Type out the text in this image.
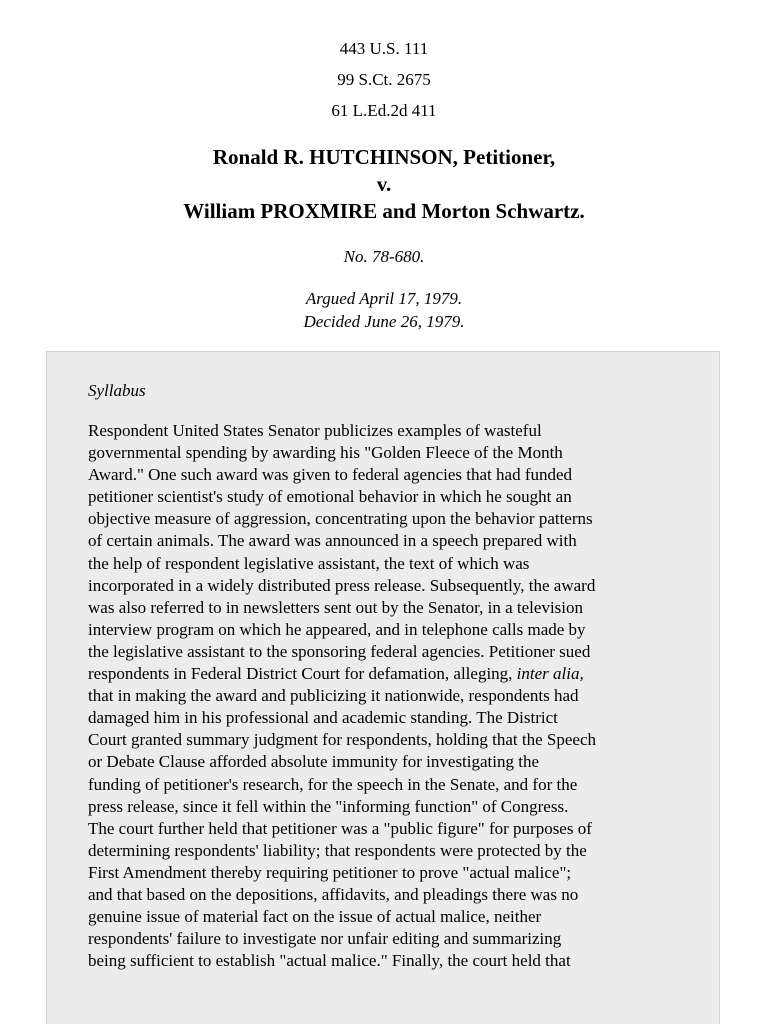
443 U.S. 111
99 S.Ct. 2675
61 L.Ed.2d 411
Ronald R. HUTCHINSON, Petitioner,
v.
William PROXMIRE and Morton Schwartz.
No. 78-680.
Argued April 17, 1979.
Decided June 26, 1979.
Syllabus
Respondent United States Senator publicizes examples of wasteful
governmental spending by awarding his "Golden Fleece of the Month
Award." One such award was given to federal agencies that had funded
petitioner scientist's study of emotional behavior in which he sought an
objective measure of aggression, concentrating upon the behavior patterns
of certain animals. The award was announced in a speech prepared with
the help of respondent legislative assistant, the text of which was
incorporated in a widely distributed press release. Subsequently, the award
was also referred to in newsletters sent out by the Senator, in a television
interview program on which he appeared, and in telephone calls made by
the legislative assistant to the sponsoring federal agencies. Petitioner sued
respondents in Federal District Court for defamation, alleging, inter alia,
that in making the award and publicizing it nationwide, respondents had
damaged him in his professional and academic standing. The District
Court granted summary judgment for respondents, holding that the Speech
or Debate Clause afforded absolute immunity for investigating the
funding of petitioner's research, for the speech in the Senate, and for the
press release, since it fell within the "informing function" of Congress.
The court further held that petitioner was a "public figure" for purposes of
determining respondents' liability; that respondents were protected by the
First Amendment thereby requiring petitioner to prove "actual malice";
and that based on the depositions, affidavits, and pleadings there was no
genuine issue of material fact on the issue of actual malice, neither
respondents' failure to investigate nor unfair editing and summarizing
being sufficient to establish "actual malice." Finally, the court held that
